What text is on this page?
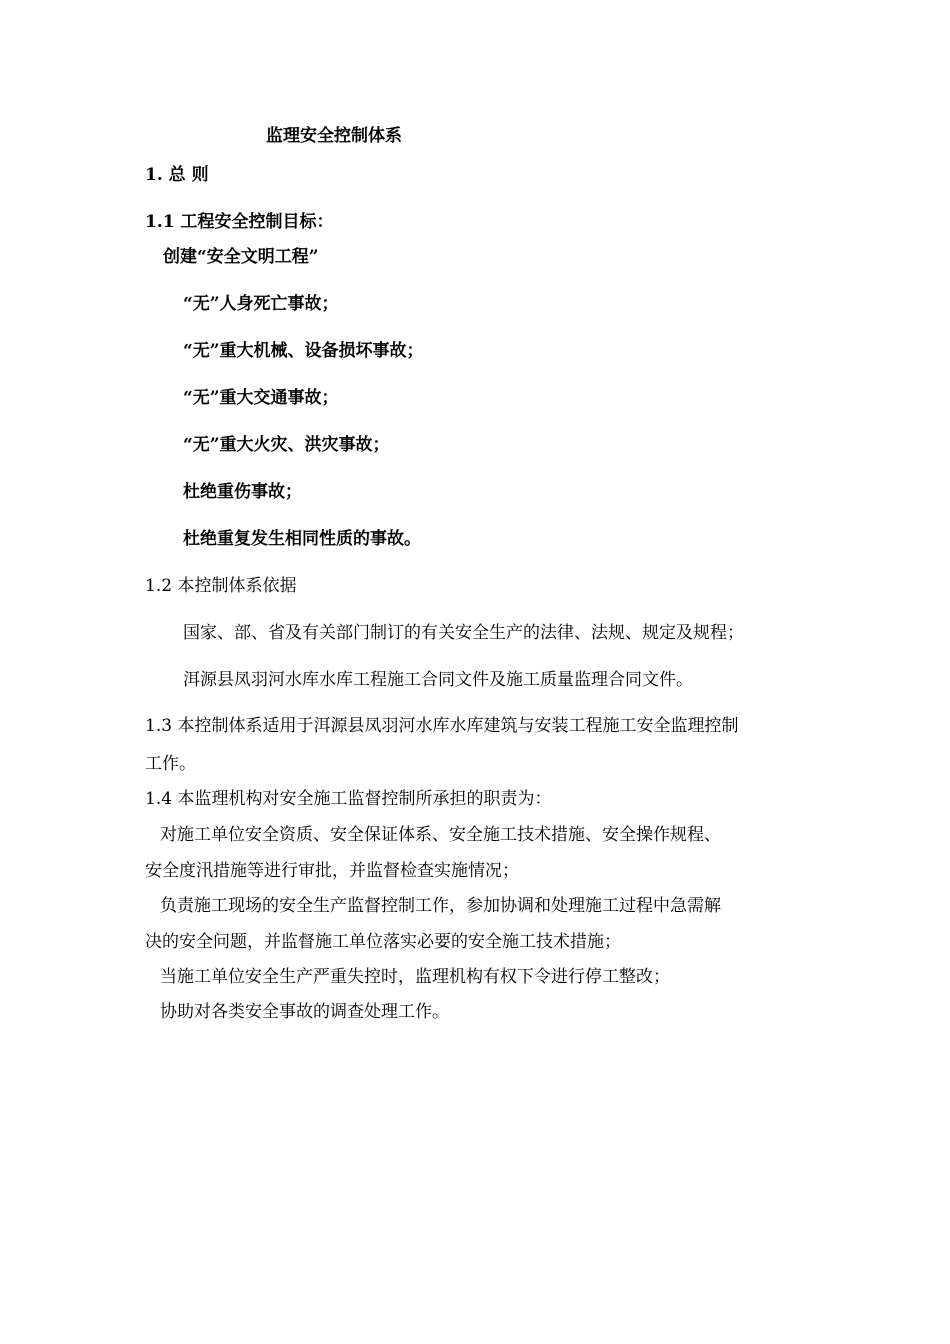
监理安全控制体系
1. 总 则
1.1 工程安全控制目标：
创建“安全文明工程”
“无”人身死亡事故；
“无”重大机械、设备损坏事故；
“无”重大交通事故；
“无”重大火灾、洪灾事故；
杜绝重伤事故；
杜绝重复发生相同性质的事故。
1.2 本控制体系依据
国家、部、省及有关部门制订的有关安全生产的法律、法规、规定及规程；
洱源县凤羽河水库水库工程施工合同文件及施工质量监理合同文件。
1.3 本控制体系适用于洱源县凤羽河水库水库建筑与安装工程施工安全监理控制
工作。
1.4 本监理机构对安全施工监督控制所承担的职责为：
对施工单位安全资质、安全保证体系、安全施工技术措施、安全操作规程、
安全度汛措施等进行审批，并监督检查实施情况；
负责施工现场的安全生产监督控制工作，参加协调和处理施工过程中急需解
决的安全问题，并监督施工单位落实必要的安全施工技术措施；
当施工单位安全生产严重失控时，监理机构有权下令进行停工整改；
协助对各类安全事故的调查处理工作。
